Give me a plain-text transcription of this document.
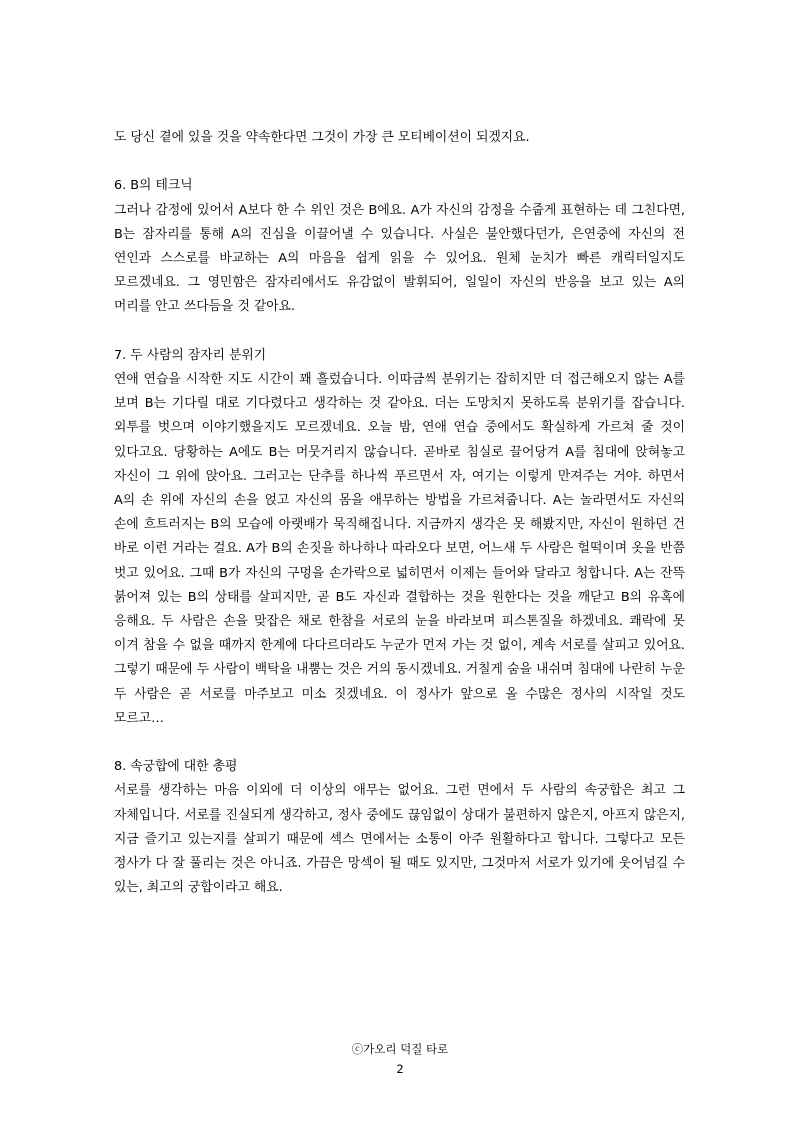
도 당신 곁에 있을 것을 약속한다면 그것이 가장 큰 모티베이션이 되겠지요.

6. B의 테크닉

그러나 감정에 있어서 A보다 한 수 위인 것은 B에요. A가 자신의 감정을 수줍게 표현하는 데 그친다면, B는 잠자리를 통해 A의 진심을 이끌어낼 수 있습니다. 사실은 불안했다던가, 은연중에 자신의 전 연인과 스스로를 바교하는 A의 마음을 쉽게 읽을 수 있어요. 원체 눈치가 빠른 캐릭터일지도 모르겠네요. 그 영민함은 잠자리에서도 유감없이 발휘되어, 일일이 자신의 반응을 보고 있는 A의 머리를 안고 쓰다듬을 것 같아요.

7. 두 사람의 잠자리 분위기

연애 연습을 시작한 지도 시간이 꽤 흘렀습니다. 이따금씩 분위기는 잡히지만 더 접근해오지 않는 A를 보며 B는 기다릴 대로 기다렸다고 생각하는 것 같아요. 더는 도망치지 못하도록 분위기를 잡습니다. 외투를 벗으며 이야기했을지도 모르겠네요. 오늘 밤, 연애 연습 중에서도 확실하게 가르쳐 줄 것이 있다고요. 당황하는 A에도 B는 머뭇거리지 않습니다. 곧바로 침실로 끌어당겨 A를 침대에 앉혀놓고 자신이 그 위에 앉아요. 그러고는 단추를 하나씩 푸르면서 자, 여기는 이렇게 만져주는 거야. 하면서 A의 손 위에 자신의 손을 얹고 자신의 몸을 애무하는 방법을 가르쳐줍니다. A는 놀라면서도 자신의 손에 흐트러지는 B의 모습에 아랫배가 묵직해집니다. 지금까지 생각은 못 해봤지만, 자신이 원하던 건 바로 이런 거라는 걸요. A가 B의 손짓을 하나하나 따라오다 보면, 어느새 두 사람은 헐떡이며 옷을 반쯤 벗고 있어요. 그때 B가 자신의 구멍을 손가락으로 넓히면서 이제는 들어와 달라고 청합니다. A는 잔뜩 붉어져 있는 B의 상태를 살피지만, 곧 B도 자신과 결합하는 것을 원한다는 것을 깨닫고 B의 유혹에 응해요. 두 사람은 손을 맞잡은 채로 한참을 서로의 눈을 바라보며 피스톤질을 하겠네요. 쾌락에 못 이겨 참을 수 없을 때까지 한계에 다다르더라도 누군가 먼저 가는 것 없이, 계속 서로를 살피고 있어요. 그렇기 때문에 두 사람이 백탁을 내뿜는 것은 거의 동시겠네요. 거칠게 숨을 내쉬며 침대에 나란히 누운 두 사람은 곧 서로를 마주보고 미소 짓겠네요. 이 정사가 앞으로 올 수많은 정사의 시작일 것도 모르고…

8. 속궁합에 대한 총평

서로를 생각하는 마음 이외에 더 이상의 애무는 없어요. 그런 면에서 두 사람의 속궁합은 최고 그 자체입니다. 서로를 진실되게 생각하고, 정사 중에도 끊임없이 상대가 불편하지 않은지, 아프지 않은지, 지금 즐기고 있는지를 살피기 때문에 섹스 면에서는 소통이 아주 원활하다고 합니다. 그렇다고 모든 정사가 다 잘 풀리는 것은 아니죠. 가끔은 망섹이 될 때도 있지만, 그것마저 서로가 있기에 웃어넘길 수 있는, 최고의 궁합이라고 해요.

ⓒ가오리 덕질 타로
2
